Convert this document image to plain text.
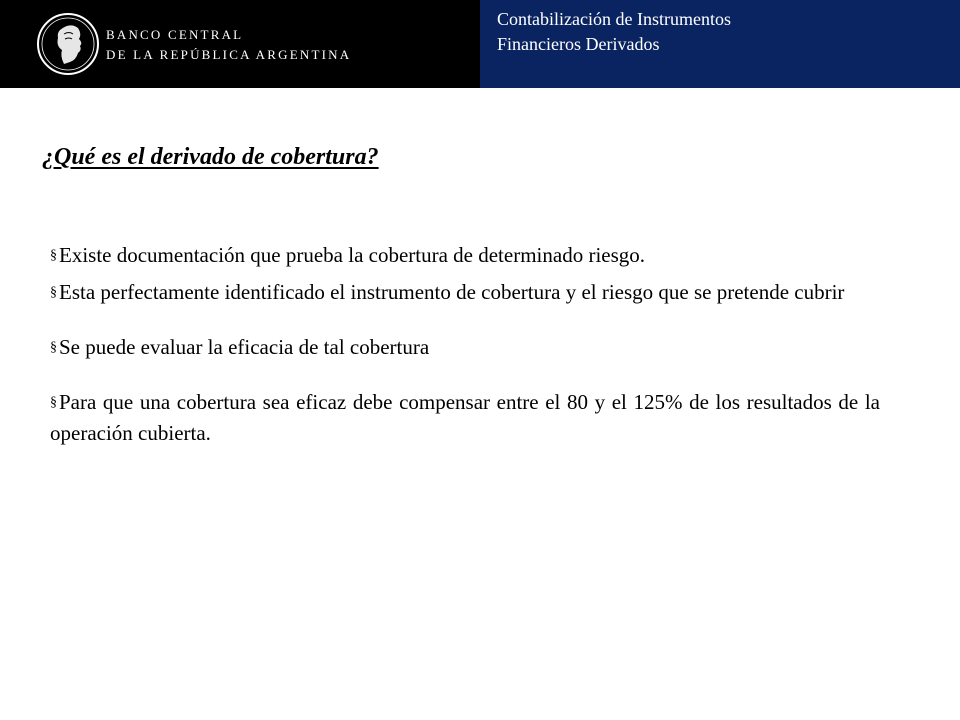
BANCO CENTRAL
DE LA REPÚBLICA ARGENTINA
Contabilización de Instrumentos
Financieros Derivados
¿Qué es el derivado de cobertura?
§Existe documentación que prueba la cobertura de determinado riesgo.
§Esta perfectamente identificado el instrumento de cobertura y el riesgo que se pretende cubrir
§Se puede evaluar la eficacia de tal cobertura
§Para que una cobertura sea eficaz debe compensar entre el 80 y el 125% de los resultados de la operación cubierta.
